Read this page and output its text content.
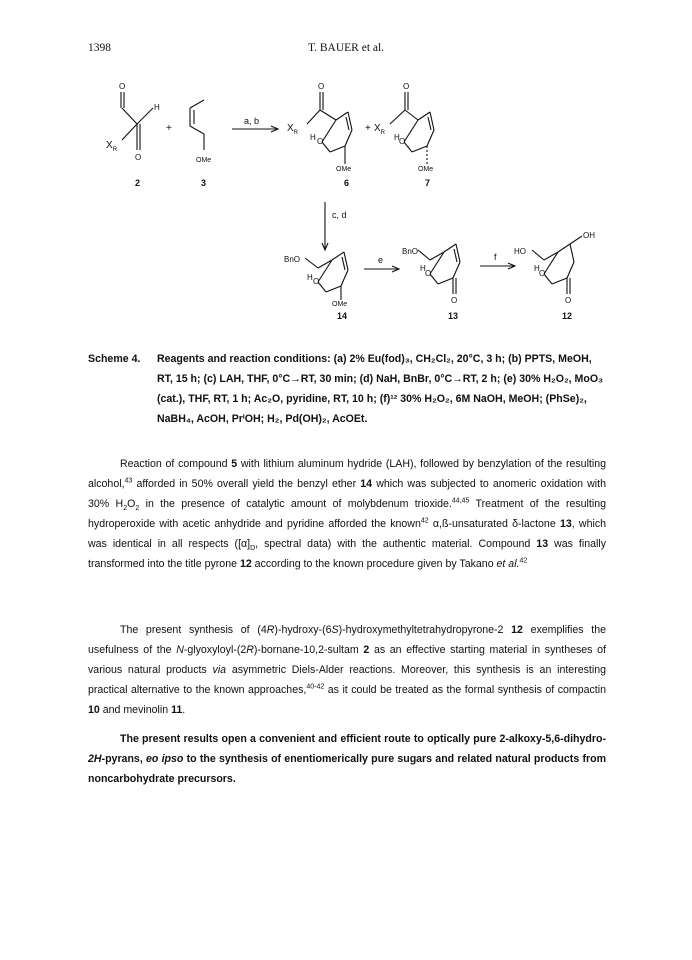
1398	T. BAUER et al.
$X_R$
H
O
O
2
+
OMe
3
a, b
$X_R$
O
H O
OMe
6
+ $X_R$
O
H O
OMe
7
c, d
BnO
H O
OMe
14
e
BnO
H
O
O
13
f
HO
OH
H
O
O
12
Scheme 4. Reagents and reaction conditions: (a) 2% Eu(fod)₃, CH₂Cl₂, 20°C, 3 h; (b) PPTS, MeOH, RT, 15 h; (c) LAH, THF, 0°C→RT, 30 min; (d) NaH, BnBr, 0°C→RT, 2 h; (e) 30% H₂O₂, MoO₃ (cat.), THF, RT, 1 h; Ac₂O, pyridine, RT, 10 h; (f)¹² 30% H₂O₂, 6M NaOH, MeOH; (PhSe)₂, NaBH₄, AcOH, PrⁱOH; H₂, Pd(OH)₂, AcOEt.

Reaction of compound 5 with lithium aluminum hydride (LAH), followed by benzylation of the resulting alcohol,$^{43}$ afforded in 50% overall yield the benzyl ether 14 which was subjected to anomeric oxidation with 30% $H_2O_2$ in the presence of catalytic amount of molybdenum trioxide.$^{44,45}$ Treatment of the resulting hydroperoxide with acetic anhydride and pyridine afforded the known$^{42}$ α,ß-unsaturated δ-lactone 13, which was identical in all respects ($[\alpha]_D$, spectral data) with the authentic material. Compound 13 was finally transformed into the title pyrone 12 according to the known procedure given by Takano et al.$^{42}$

The present synthesis of (4R)-hydroxy-(6S)-hydroxymethyltetrahydropyrone-2 12 exemplifies the usefulness of the N-glyoxyloyl-(2R)-bornane-10,2-sultam 2 as an effective starting material in syntheses of various natural products via asymmetric Diels-Alder reactions. Moreover, this synthesis is an interesting practical alternative to the known approaches,$^{40-42}$ as it could be treated as the formal synthesis of compactin 10 and mevinolin 11.

The present results open a convenient and efficient route to optically pure 2-alkoxy-5,6-dihydro-2H-pyrans, eo ipso to the synthesis of enentiomerically pure sugars and related natural products from noncarbohydrate precursors.
